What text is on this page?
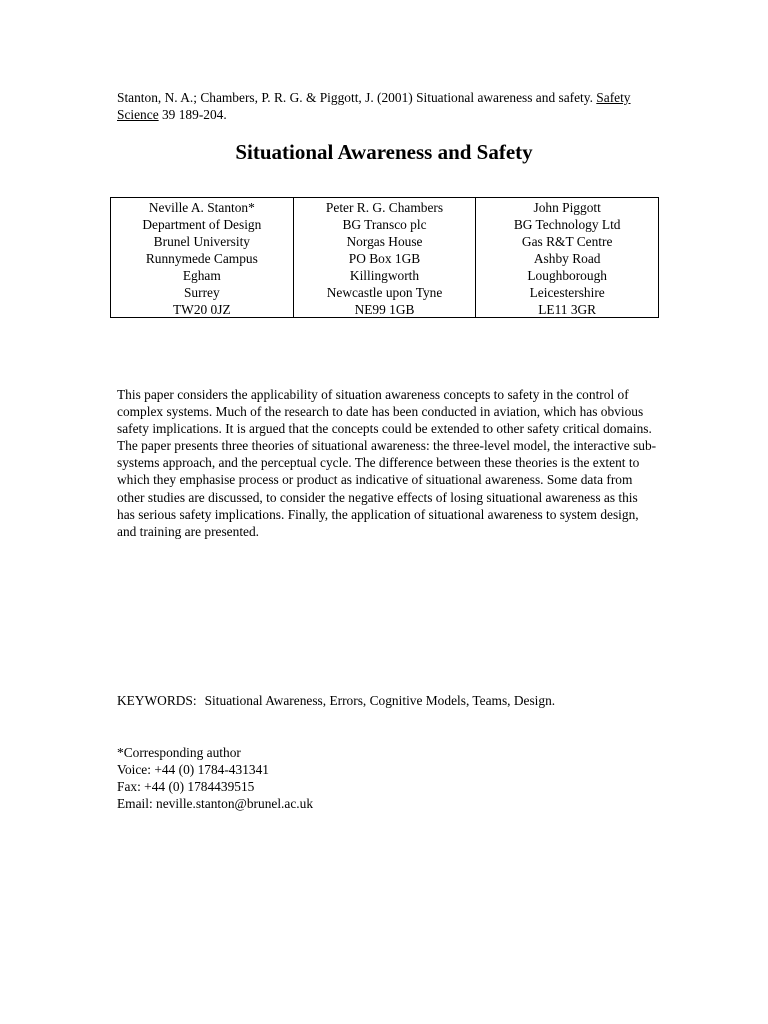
Stanton, N. A.; Chambers, P. R. G. & Piggott, J. (2001) Situational awareness and safety. Safety Science 39 189-204.
Situational Awareness and Safety
Neville A. Stanton*
Department of Design
Brunel University
Runnymede Campus
Egham
Surrey
TW20 0JZ
Peter R. G. Chambers
BG Transco plc
Norgas House
PO Box 1GB
Killingworth
Newcastle upon Tyne
NE99 1GB
John Piggott
BG Technology Ltd
Gas R&T Centre
Ashby Road
Loughborough
Leicestershire
LE11 3GR

This paper considers the applicability of situation awareness concepts to safety in the control of complex systems. Much of the research to date has been conducted in aviation, which has obvious safety implications. It is argued that the concepts could be extended to other safety critical domains. The paper presents three theories of situational awareness: the three-level model, the interactive sub-systems approach, and the perceptual cycle. The difference between these theories is the extent to which they emphasise process or product as indicative of situational awareness. Some data from other studies are discussed, to consider the negative effects of losing situational awareness as this has serious safety implications. Finally, the application of situational awareness to system design, and training are presented.

KEYWORDS: Situational Awareness, Errors, Cognitive Models, Teams, Design.
*Corresponding author
Voice: +44 (0) 1784-431341
Fax: +44 (0) 1784439515
Email: neville.stanton@brunel.ac.uk
